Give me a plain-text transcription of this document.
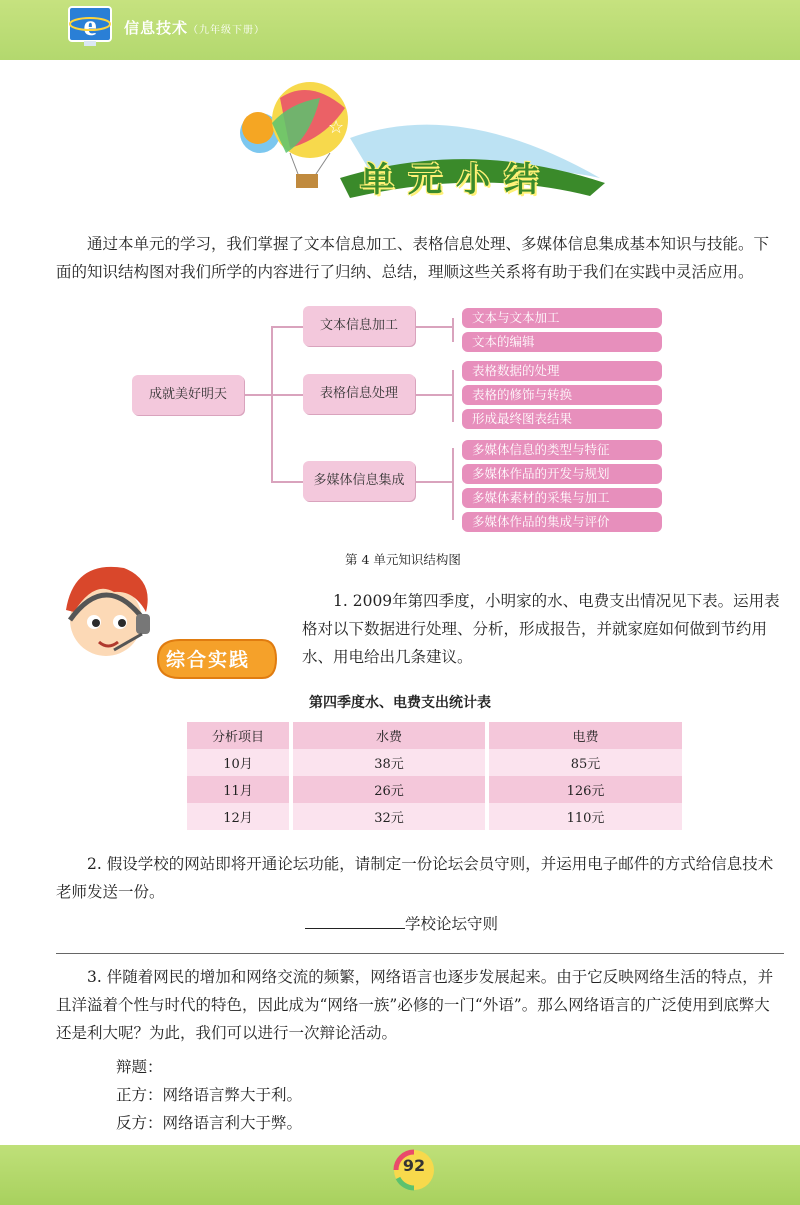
e 信息技术（九年级下册）
☆
单元小结
通过本单元的学习，我们掌握了文本信息加工、表格信息处理、多媒体信息集成基本知识与技能。下面的知识结构图对我们所学的内容进行了归纳、总结，理顺这些关系将有助于我们在实践中灵活应用。
成就美好明天
文本信息加工
表格信息处理
多媒体信息集成
文本与文本加工
文本的编辑
表格数据的处理
表格的修饰与转换
形成最终图表结果
多媒体信息的类型与特征
多媒体作品的开发与规划
多媒体素材的采集与加工
多媒体作品的集成与评价
第 4 单元知识结构图
综合实践
1. 2009年第四季度，小明家的水、电费支出情况见下表。运用表格对以下数据进行处理、分析，形成报告，并就家庭如何做到节约用水、用电给出几条建议。
第四季度水、电费支出统计表
分析项目	水费	电费
10月	38元	85元
11月	26元	126元
12月	32元	110元
2. 假设学校的网站即将开通论坛功能，请制定一份论坛会员守则，并运用电子邮件的方式给信息技术老师发送一份。
学校论坛守则
3. 伴随着网民的增加和网络交流的频繁，网络语言也逐步发展起来。由于它反映网络生活的特点，并且洋溢着个性与时代的特色，因此成为“网络一族”必修的一门“外语”。那么网络语言的广泛使用到底弊大还是利大呢？为此，我们可以进行一次辩论活动。
辩题：
正方：网络语言弊大于利。
反方：网络语言利大于弊。
92
